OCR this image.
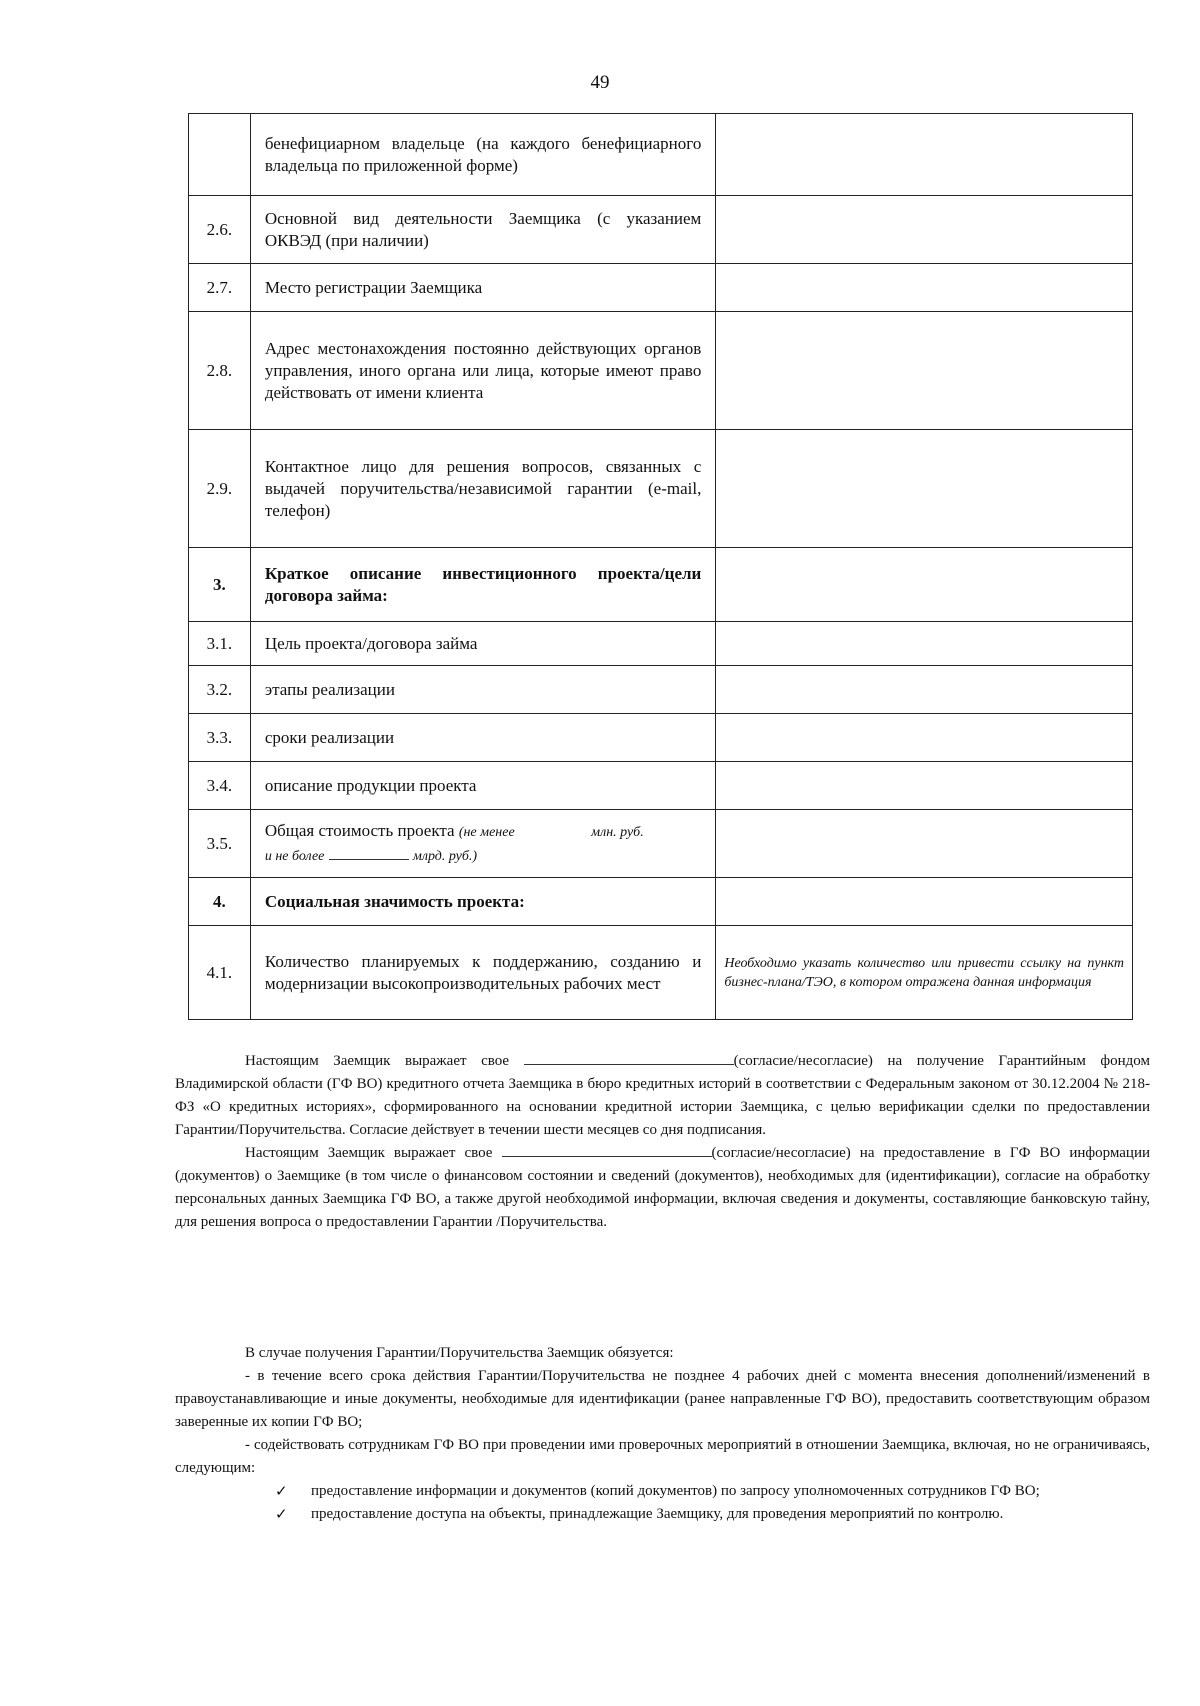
49
	бенефициарном владельце (на каждого бенефициарного владельца по приложенной форме)	
2.6.	Основной вид деятельности Заемщика (с указанием ОКВЭД (при наличии)	
2.7.	Место регистрации Заемщика	
2.8.	Адрес местонахождения постоянно действующих органов управления, иного органа или лица, которые имеют право действовать от имени клиента	
2.9.	Контактное лицо для решения вопросов, связанных с выдачей поручительства/независимой гарантии (e-mail, телефон)	
3.	Краткое описание инвестиционного проекта/цели договора займа:	
3.1.	Цель проекта/договора займа	
3.2.	этапы реализации	
3.3.	сроки реализации	
3.4.	описание продукции проекта	
3.5.	Общая стоимость проекта (не менее млн. руб.
и не более млрд. руб.)	
4.	Социальная значимость проекта:	
4.1.	Количество планируемых к поддержанию, созданию и модернизации высокопроизводительных рабочих мест	Необходимо указать количество или привести ссылку на пункт бизнес-плана/ТЭО, в котором отражена данная информация

Настоящим Заемщик выражает свое	(согласие/несогласие) на получение Гарантийным фондом Владимирской области (ГФ ВО) кредитного отчета Заемщика в бюро кредитных историй в соответствии с Федеральным законом от 30.12.2004 № 218-ФЗ «О кредитных историях», сформированного на основании кредитной истории Заемщика, с целью верификации сделки по предоставлении Гарантии/Поручительства. Согласие действует в течении шести месяцев со дня подписания.

Настоящим Заемщик выражает свое	(согласие/несогласие) на предоставление в ГФ ВО информации (документов) о Заемщике (в том числе о финансовом состоянии и сведений (документов), необходимых для (идентификации), согласие на обработку персональных данных Заемщика ГФ ВО, а также другой необходимой информации, включая сведения и документы, составляющие банковскую тайну, для решения вопроса о предоставлении Гарантии /Поручительства.

В случае получения Гарантии/Поручительства Заемщик обязуется:

- в течение всего срока действия Гарантии/Поручительства не позднее 4 рабочих дней с момента внесения дополнений/изменений в правоустанавливающие и иные документы, необходимые для идентификации (ранее направленные ГФ ВО), предоставить соответствующим образом заверенные их копии ГФ ВО;

- содействовать сотрудникам ГФ ВО при проведении ими проверочных мероприятий в отношении Заемщика, включая, но не ограничиваясь, следующим:

✓	предоставление информации и документов (копий документов) по запросу уполномоченных сотрудников ГФ ВО;
✓	предоставление доступа на объекты, принадлежащие Заемщику, для проведения мероприятий по контролю.
